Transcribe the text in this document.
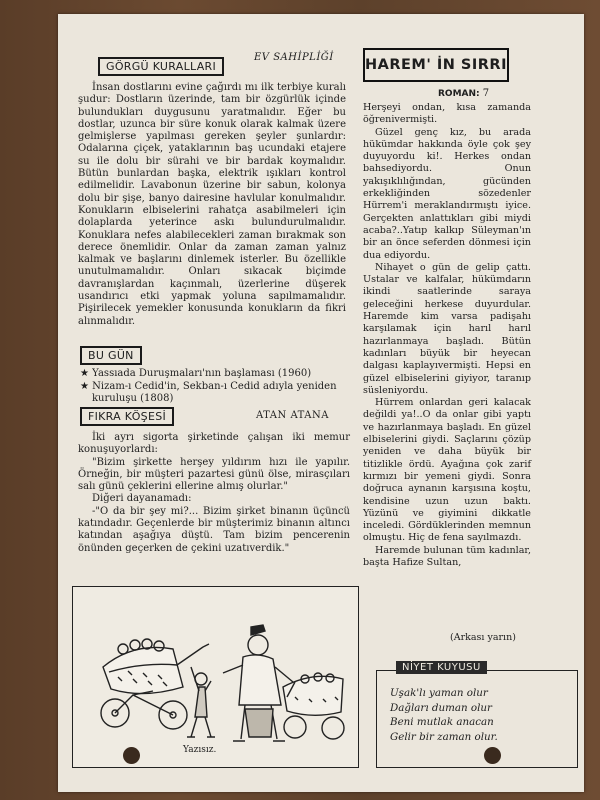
GÖRGÜ KURALLARI
EV SAHİPLİĞİ

İnsan dostlarını evine çağırdı mı ilk terbiye kuralı şudur: Dostların üzerinde, tam bir özgürlük içinde bulundukları duygusunu yaratmalıdır. Eğer bu dostlar, uzunca bir süre konuk olarak kalmak üzere gelmişlerse yapılması gereken şeyler şunlardır: Odalarına çiçek, yataklarının baş ucundaki etajere su ile dolu bir sürahi ve bir bardak koymalıdır. Bütün bunlardan başka, elektrik ışıkları kontrol edilmelidir. Lavabonun üzerine bir sabun, kolonya dolu bir şişe, banyo dairesine havlular konulmalıdır. Konukların elbiselerini rahatça asabilmeleri için dolaplarda yeterince askı bulundurulmalıdır. Konuklara nefes alabilecekleri zaman bırakmak son derece önemlidir. Onlar da zaman zaman yalnız kalmak ve başlarını dinlemek isterler. Bu özellikle unutulmamalıdır. Onları sıkacak biçimde davranışlardan kaçınmalı, üzerlerine düşerek usandırıcı etki yapmak yoluna sapılmamalıdır. Pişirilecek yemekler konusunda konukların da fikri alınmalıdır.

BU GÜN
★ Yassıada Duruşmaları'nın başlaması (1960)
★ Nizam-ı Cedid'in, Sekban-ı Cedid adıyla yeniden kuruluşu (1808)
FIKRA KÖŞESİ	ATAN ATANA

İki ayrı sigorta şirketinde çalışan iki memur konuşuyorlardı:

"Bizim şirkette herşey yıldırım hızı ile yapılır. Örneğin, bir müşteri pazartesi günü ölse, mirasçıları salı günü çeklerini ellerine almış olurlar."

Diğeri dayanamadı:

-"O da bir şey mi?... Bizim şirket binanın üçüncü katındadır. Geçenlerde bir müşterimiz binanın altıncı katından aşağıya düştü. Tam bizim pencerenin önünden geçerken de çekini uzatıverdik."

Yazısız.
HAREM' İN SIRRI
ROMAN: 7

Herşeyi ondan, kısa zamanda öğrenivermişti.

Güzel genç kız, bu arada hükümdar hakkında öyle çok şey duyuyordu ki!. Herkes ondan bahsediyordu. Onun yakışıklılığından, gücünden erkekliğinden sözedenler Hürrem'i meraklandırmıştı iyice. Gerçekten anlattıkları gibi miydi acaba?..Yatıp kalkıp Süleyman'ın bir an önce seferden dönmesi için dua ediyordu.

Nihayet o gün de gelip çattı. Ustalar ve kalfalar, hükümdarın ikindi saatlerinde saraya geleceğini herkese duyurdular. Haremde kim varsa padişahı karşılamak için harıl harıl hazırlanmaya başladı. Bütün kadınları büyük bir heyecan dalgası kaplayıvermişti. Hepsi en güzel elbiselerini giyiyor, taranıp süsleniyordu.

Hürrem onlardan geri kalacak değildi ya!..O da onlar gibi yaptı ve hazırlanmaya başladı. En güzel elbiselerini giydi. Saçlarını çözüp yeniden ve daha büyük bir titizlikle ördü. Ayağına çok zarif kırmızı bir yemeni giydi. Sonra doğruca aynanın karşısına koştu, kendisine uzun uzun baktı. Yüzünü ve giyimini dikkatle inceledi. Gördüklerinden memnun olmuştu. Hiç de fena sayılmazdı.

Haremde bulunan tüm kadınlar, başta Hafize Sultan,

(Arkası yarın)
NİYET KUYUSU
Uşak'lı yaman olur
Dağları duman olur
Beni mutlak anacan
Gelir bir zaman olur.
